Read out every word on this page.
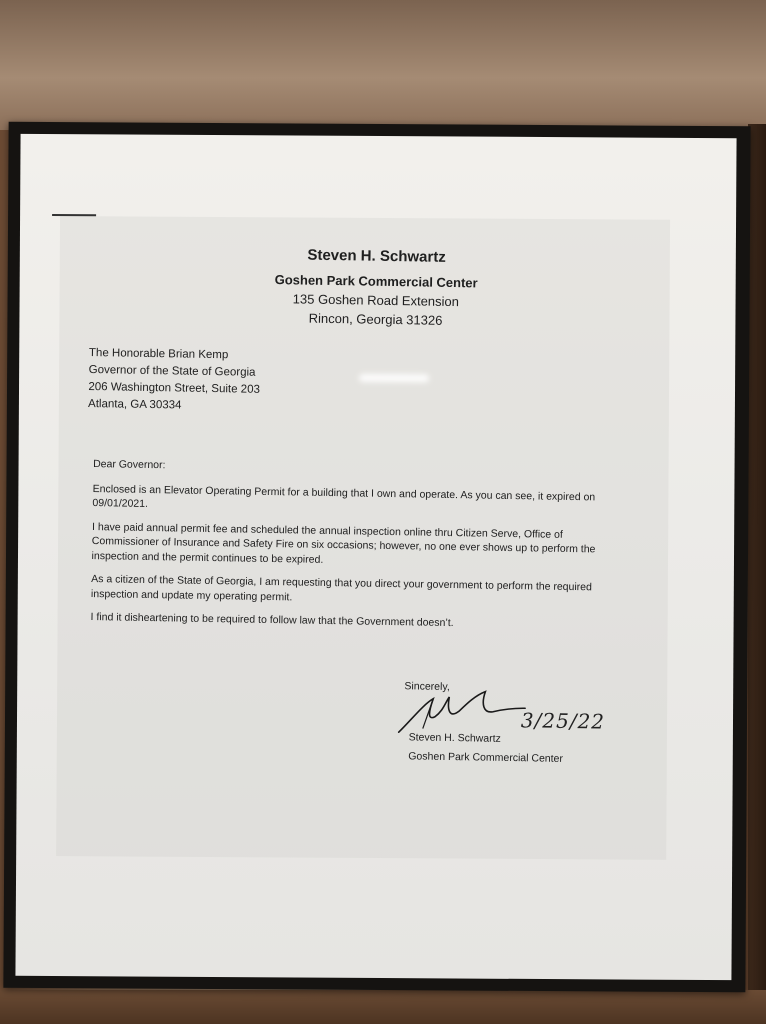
Steven H. Schwartz
Goshen Park Commercial Center
135 Goshen Road Extension
Rincon, Georgia 31326
The Honorable Brian Kemp
Governor of the State of Georgia
206 Washington Street, Suite 203
Atlanta, GA 30334

Dear Governor:

Enclosed is an Elevator Operating Permit for a building that I own and operate. As you can see, it expired on 09/01/2021.

I have paid annual permit fee and scheduled the annual inspection online thru Citizen Serve, Office of Commissioner of Insurance and Safety Fire on six occasions; however, no one ever shows up to perform the inspection and the permit continues to be expired.

As a citizen of the State of Georgia, I am requesting that you direct your government to perform the required inspection and update my operating permit.

I find it disheartening to be required to follow law that the Government doesn’t.

Sincerely,
3/25/22
Steven H. Schwartz
Goshen Park Commercial Center
